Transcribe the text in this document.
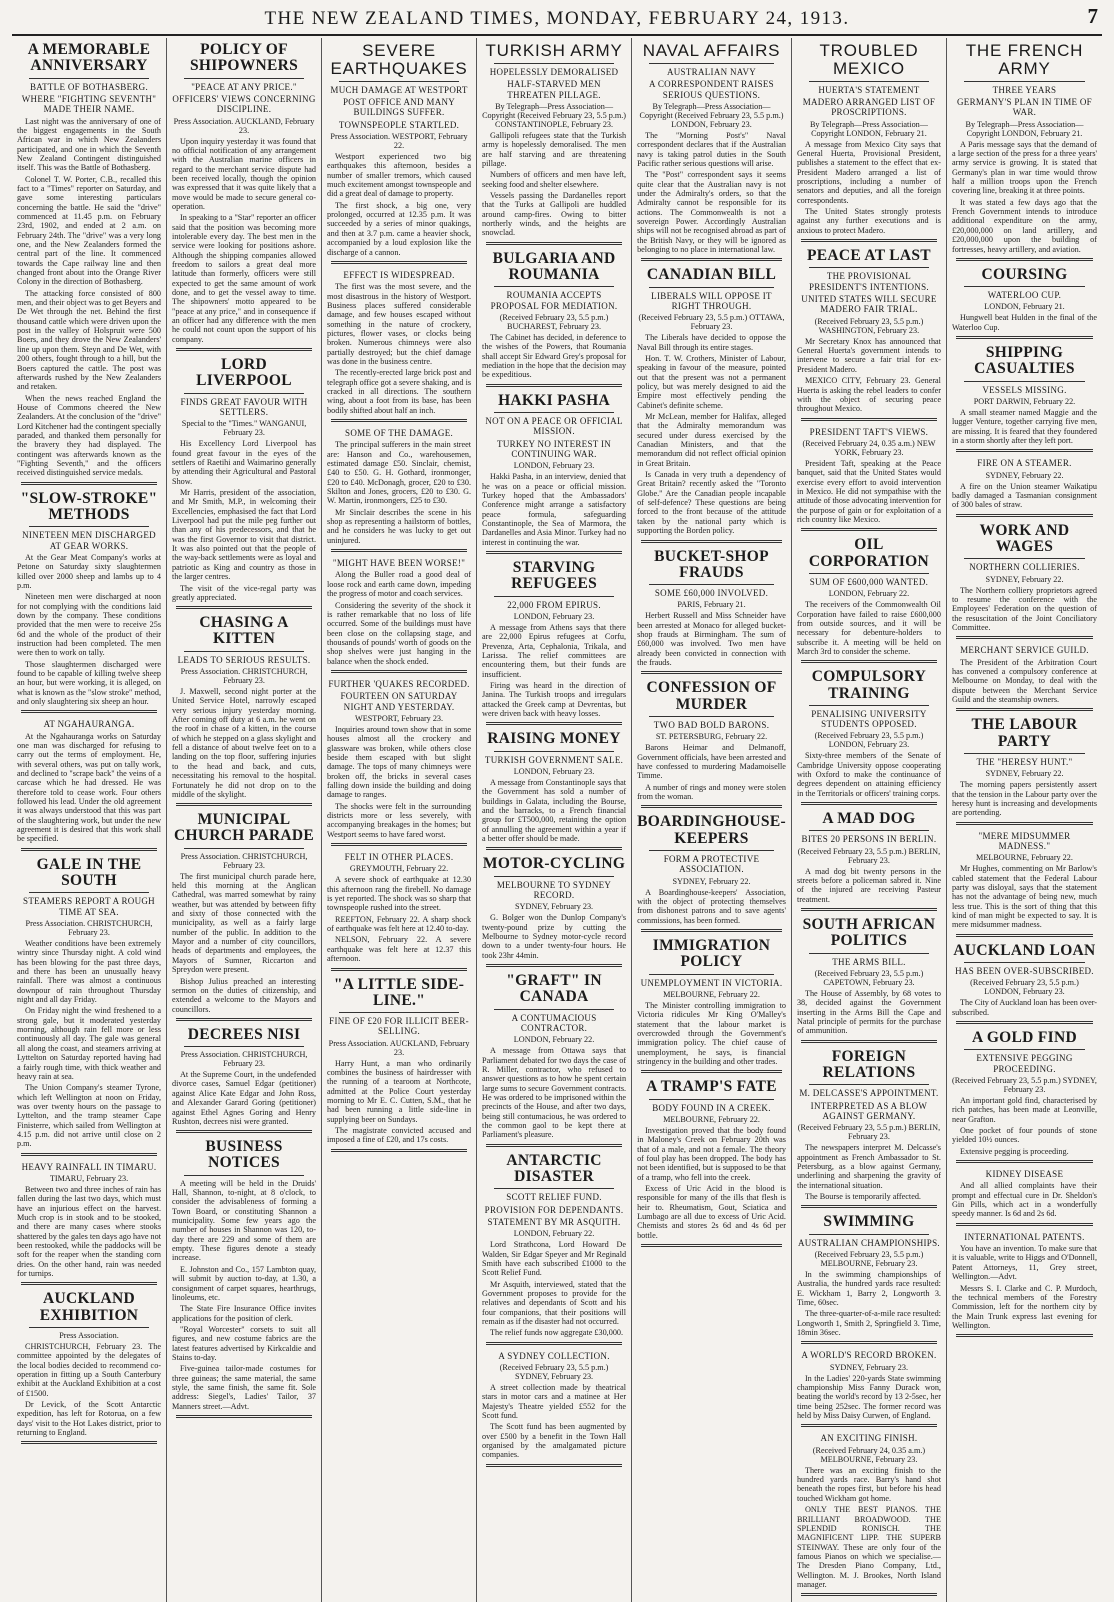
THE NEW ZEALAND TIMES, MONDAY, FEBRUARY 24, 1913.	7
A MEMORABLE ANNIVERSARY
BATTLE OF BOTHASBERG.
WHERE "FIGHTING SEVENTH" MADE THEIR NAME.

Last night was the anniversary of one of the biggest engagements in the South African war in which New Zealanders participated, and one in which the Seventh New Zealand Contingent distinguished itself. This was the Battle of Bothasberg.

Colonel T. W. Porter, C.B., recalled this fact to a "Times" reporter on Saturday, and gave some interesting particulars concerning the battle. He said the "drive" commenced at 11.45 p.m. on February 23rd, 1902, and ended at 2 a.m. on February 24th. The "drive" was a very long one, and the New Zealanders formed the central part of the line. It commenced towards the Cape railway line and then changed front about into the Orange River Colony in the direction of Bothasberg.

The attacking force consisted of 800 men, and their object was to get Beyers and De Wet through the net. Behind the first thousand cattle which were driven upon the post in the valley of Holspruit were 500 Boers, and they drove the New Zealanders' line up upon them. Steyn and De Wet, with 200 others, fought through to a hill, but the Boers captured the cattle. The post was afterwards rushed by the New Zealanders and retaken.

When the news reached England the House of Commons cheered the New Zealanders. At the conclusion of the "drive" Lord Kitchener had the contingent specially paraded, and thanked them personally for the bravery they had displayed. The contingent was afterwards known as the "Fighting Seventh," and the officers received distinguished service medals.

"SLOW-STROKE" METHODS
NINETEEN MEN DISCHARGED AT GEAR WORKS.

At the Gear Meat Company's works at Petone on Saturday sixty slaughtermen killed over 2000 sheep and lambs up to 4 p.m.

Nineteen men were discharged at noon for not complying with the conditions laid down by the company. These conditions provided that the men were to receive 25s 6d and the whole of the product of their instruction had been completed. The men were then to work on tally.

Those slaughtermen discharged were found to be capable of killing twelve sheep an hour, but were working, it is alleged, on what is known as the "slow stroke" method, and only slaughtering six sheep an hour.

AT NGAHAURANGA.

At the Ngahauranga works on Saturday one man was discharged for refusing to carry out the terms of employment. He, with several others, was put on tally work, and declined to "scrape back" the veins of a carcase which he had dressed. He was therefore told to cease work. Four others followed his lead. Under the old agreement it was always understood that this was part of the slaughtering work, but under the new agreement it is desired that this work shall be specified.

GALE IN THE SOUTH
STEAMERS REPORT A ROUGH TIME AT SEA.
Press Association. CHRISTCHURCH, February 23.

Weather conditions have been extremely wintry since Thursday night. A cold wind has been blowing for the past three days, and there has been an unusually heavy rainfall. There was almost a continuous downpour of rain throughout Thursday night and all day Friday.

On Friday night the wind freshened to a strong gale, but it moderated yesterday morning, although rain fell more or less continuously all day. The gale was general all along the coast, and steamers arriving at Lyttelton on Saturday reported having had a fairly rough time, with thick weather and heavy rain at sea.

The Union Company's steamer Tyrone, which left Wellington at noon on Friday, was over twenty hours on the passage to Lyttelton, and the tramp steamer Cape Finisterre, which sailed from Wellington at 4.15 p.m. did not arrive until close on 2 p.m.

HEAVY RAINFALL IN TIMARU.
TIMARU, February 23.

Between two and three inches of rain has fallen during the last two days, which must have an injurious effect on the harvest. Much crop is in stook and to be stooked, and there are many cases where stooks shattered by the gales ten days ago have not been restooked, while the paddocks will be soft for the reaper when the standing corn dries. On the other hand, rain was needed for turnips.

AUCKLAND EXHIBITION
Press Association.

CHRISTCHURCH, February 23. The committee appointed by the delegates of the local bodies decided to recommend co-operation in fitting up a South Canterbury exhibit at the Auckland Exhibition at a cost of £1500.

Dr Levick, of the Scott Antarctic expedition, has left for Rotorua, on a few days' visit to the Hot Lakes district, prior to returning to England.

POLICY OF SHIPOWNERS
"PEACE AT ANY PRICE."
OFFICERS' VIEWS CONCERNING DISCIPLINE.
Press Association. AUCKLAND, February 23.

Upon inquiry yesterday it was found that no official notification of any arrangement with the Australian marine officers in regard to the merchant service dispute had been received locally, though the opinion was expressed that it was quite likely that a move would be made to secure general co-operation.

In speaking to a "Star" reporter an officer said that the position was becoming more intolerable every day. The best men in the service were looking for positions ashore. Although the shipping companies allowed freedom to sailors a great deal more latitude than formerly, officers were still expected to get the same amount of work done, and to get the vessel away to time. The shipowners' motto appeared to be "peace at any price," and in consequence if an officer had any difference with the men he could not count upon the support of his company.

LORD LIVERPOOL
FINDS GREAT FAVOUR WITH SETTLERS.
Special to the "Times." WANGANUI, February 23.

His Excellency Lord Liverpool has found great favour in the eyes of the settlers of Raetihi and Waimarino generally by attending their Agricultural and Pastoral Show.

Mr Harris, president of the association, and Mr Smith, M.P., in welcoming their Excellencies, emphasised the fact that Lord Liverpool had put the mile peg further out than any of his predecessors, and that he was the first Governor to visit that district. It was also pointed out that the people of the way-back settlements were as loyal and patriotic as King and country as those in the larger centres.

The visit of the vice-regal party was greatly appreciated.

CHASING A KITTEN
LEADS TO SERIOUS RESULTS.
Press Association. CHRISTCHURCH, February 23.

J. Maxwell, second night porter at the United Service Hotel, narrowly escaped very serious injury yesterday morning. After coming off duty at 6 a.m. he went on the roof in chase of a kitten, in the course of which he stepped on a glass skylight and fell a distance of about twelve feet on to a landing on the top floor, suffering injuries to the head and back, and cuts, necessitating his removal to the hospital. Fortunately he did not drop on to the middle of the skylight.

MUNICIPAL CHURCH PARADE
Press Association. CHRISTCHURCH, February 23.

The first municipal church parade here, held this morning at the Anglican Cathedral, was marred somewhat by rainy weather, but was attended by between fifty and sixty of those connected with the municipality, as well as a fairly large number of the public. In addition to the Mayor and a number of city councillors, heads of departments and employees, the Mayors of Sumner, Riccarton and Spreydon were present.

Bishop Julius preached an interesting sermon on the duties of citizenship, and extended a welcome to the Mayors and councillors.

DECREES NISI
Press Association. CHRISTCHURCH, February 23.

At the Supreme Court, in the undefended divorce cases, Samuel Edgar (petitioner) against Alice Kate Edgar and John Ross, and Alexander Garard Goring (petitioner) against Ethel Agnes Goring and Henry Rushton, decrees nisi were granted.

BUSINESS NOTICES

A meeting will be held in the Druids' Hall, Shannon, to-night, at 8 o'clock, to consider the advisableness of forming a Town Board, or constituting Shannon a municipality. Some few years ago the number of houses in Shannon was 120, to-day there are 229 and some of them are empty. These figures denote a steady increase.

E. Johnston and Co., 157 Lambton quay, will submit by auction to-day, at 1.30, a consignment of carpet squares, hearthrugs, linoleums, etc.

The State Fire Insurance Office invites applications for the position of clerk.

"Royal Worcester" corsets to suit all figures, and new costume fabrics are the latest features advertised by Kirkcaldie and Stains to-day.

Five-guinea tailor-made costumes for three guineas; the same material, the same style, the same finish, the same fit. Sole address: Siegel's, Ladies' Tailor, 37 Manners street.—Advt.

SEVERE EARTHQUAKES
MUCH DAMAGE AT WESTPORT
POST OFFICE AND MANY BUILDINGS SUFFER.
TOWNSPEOPLE STARTLED.
Press Association. WESTPORT, February 22.

Westport experienced two big earthquakes this afternoon, besides a number of smaller tremors, which caused much excitement amongst townspeople and did a great deal of damage to property.

The first shock, a big one, very prolonged, occurred at 12.35 p.m. It was succeeded by a series of minor quakings, and then at 3.7 p.m. came a heavier shock, accompanied by a loud explosion like the discharge of a cannon.

EFFECT IS WIDESPREAD.

The first was the most severe, and the most disastrous in the history of Westport. Business places suffered considerable damage, and few houses escaped without something in the nature of crockery, pictures, flower vases, or clocks being broken. Numerous chimneys were also partially destroyed; but the chief damage was done in the business centre.

The recently-erected large brick post and telegraph office got a severe shaking, and is cracked in all directions. The southern wing, about a foot from its base, has been bodily shifted about half an inch.

SOME OF THE DAMAGE.

The principal sufferers in the main street are: Hanson and Co., warehousemen, estimated damage £50. Sinclair, chemist, £40 to £50. G. H. Gothard, ironmonger, £20 to £40. McDonagh, grocer, £20 to £30. Skilton and Jones, grocers, £20 to £30. G. W. Martin, ironmongers, £25 to £30.

Mr Sinclair describes the scene in his shop as representing a hailstorm of bottles, and he considers he was lucky to get out uninjured.

"MIGHT HAVE BEEN WORSE!"

Along the Buller road a good deal of loose rock and earth came down, impeding the progress of motor and coach services.

Considering the severity of the shock it is rather remarkable that no loss of life occurred. Some of the buildings must have been close on the collapsing stage, and thousands of pounds' worth of goods on the shop shelves were just hanging in the balance when the shock ended.

FURTHER 'QUAKES RECORDED.
FOURTEEN ON SATURDAY NIGHT AND YESTERDAY.
WESTPORT, February 23.

Inquiries around town show that in some houses almost all the crockery and glassware was broken, while others close beside them escaped with but slight damage. The tops of many chimneys were broken off, the bricks in several cases falling down inside the building and doing damage to ranges.

The shocks were felt in the surrounding districts more or less severely, with accompanying breakages in the homes; but Westport seems to have fared worst.

FELT IN OTHER PLACES.
GREYMOUTH, February 22.

A severe shock of earthquake at 12.30 this afternoon rang the firebell. No damage is yet reported. The shock was so sharp that townspeople rushed into the street.

REEFTON, February 22. A sharp shock of earthquake was felt here at 12.40 to-day.

NELSON, February 22. A severe earthquake was felt here at 12.37 this afternoon.

"A LITTLE SIDE-LINE."
FINE OF £20 FOR ILLICIT BEER-SELLING.
Press Association. AUCKLAND, February 23.

Harry Hunt, a man who ordinarily combines the business of hairdresser with the running of a tearoom at Northcote, admitted at the Police Court yesterday morning to Mr E. C. Cutten, S.M., that he had been running a little side-line in supplying beer on Sundays.

The magistrate convicted accused and imposed a fine of £20, and 17s costs.

TURKISH ARMY
HOPELESSLY DEMORALISED
HALF-STARVED MEN THREATEN PILLAGE.
By Telegraph—Press Association—Copyright (Received February 23, 5.5 p.m.) CONSTANTINOPLE, February 23.

Gallipoli refugees state that the Turkish army is hopelessly demoralised. The men are half starving and are threatening pillage.

Numbers of officers and men have left, seeking food and shelter elsewhere.

Vessels passing the Dardanelles report that the Turks at Gallipoli are huddled around camp-fires. Owing to bitter northerly winds, and the heights are snowclad.

BULGARIA AND ROUMANIA
ROUMANIA ACCEPTS PROPOSAL FOR MEDIATION.
(Received February 23, 5.5 p.m.) BUCHAREST, February 23.

The Cabinet has decided, in deference to the wishes of the Powers, that Roumania shall accept Sir Edward Grey's proposal for mediation in the hope that the decision may be expeditious.

HAKKI PASHA
NOT ON A PEACE OR OFFICIAL MISSION.
TURKEY NO INTEREST IN CONTINUING WAR.
LONDON, February 23.

Hakki Pasha, in an interview, denied that he was on a peace or official mission. Turkey hoped that the Ambassadors' Conference might arrange a satisfactory peace formula, safeguarding Constantinople, the Sea of Marmora, the Dardanelles and Asia Minor. Turkey had no interest in continuing the war.

STARVING REFUGEES
22,000 FROM EPIRUS.
LONDON, February 23.

A message from Athens says that there are 22,000 Epirus refugees at Corfu, Prevenza, Arta, Cephalonia, Trikala, and Larissa. The relief committees are encountering them, but their funds are insufficient.

Firing was heard in the direction of Janina. The Turkish troops and irregulars attacked the Greek camp at Devrentas, but were driven back with heavy losses.

RAISING MONEY
TURKISH GOVERNMENT SALE.
LONDON, February 23.

A message from Constantinople says that the Government has sold a number of buildings in Galata, including the Bourse, and the barracks, to a French financial group for £T500,000, retaining the option of annulling the agreement within a year if a better offer should be made.

MOTOR-CYCLING
MELBOURNE TO SYDNEY RECORD.
SYDNEY, February 23.

G. Bolger won the Dunlop Company's twenty-pound prize by cutting the Melbourne to Sydney motor-cycle record down to a under twenty-four hours. He took 23hr 44min.

"GRAFT" IN CANADA
A CONTUMACIOUS CONTRACTOR.
LONDON, February 22.

A message from Ottawa says that Parliament debated for two days the case of R. Miller, contractor, who refused to answer questions as to how he spent certain large sums to secure Government contracts. He was ordered to be imprisoned within the precincts of the House, and after two days, being still contumacious, he was ordered to the common gaol to be kept there at Parliament's pleasure.

ANTARCTIC DISASTER
SCOTT RELIEF FUND.
PROVISION FOR DEPENDANTS.
STATEMENT BY MR ASQUITH.
LONDON, February 22.

Lord Strathcona, Lord Howard De Walden, Sir Edgar Speyer and Mr Reginald Smith have each subscribed £1000 to the Scott Relief Fund.

Mr Asquith, interviewed, stated that the Government proposes to provide for the relatives and dependants of Scott and his four companions, that their positions will remain as if the disaster had not occurred.

The relief funds now aggregate £30,000.

A SYDNEY COLLECTION.
(Received February 23, 5.5 p.m.) SYDNEY, February 23.

A street collection made by theatrical stars in motor cars and a matinee at Her Majesty's Theatre yielded £552 for the Scott fund.

The Scott fund has been augmented by over £500 by a benefit in the Town Hall organised by the amalgamated picture companies.

NAVAL AFFAIRS
AUSTRALIAN NAVY
A CORRESPONDENT RAISES SERIOUS QUESTIONS.
By Telegraph—Press Association—Copyright (Received February 23, 5.5 p.m.) LONDON, February 23.

The "Morning Post's" Naval correspondent declares that if the Australian navy is taking patrol duties in the South Pacific rather serious questions will arise.

The "Post" correspondent says it seems quite clear that the Australian navy is not under the Admiralty's orders, so that the Admiralty cannot be responsible for its actions. The Commonwealth is not a sovereign Power. Accordingly Australian ships will not be recognised abroad as part of the British Navy, or they will be ignored as belonging to no place in international law.

CANADIAN BILL
LIBERALS WILL OPPOSE IT RIGHT THROUGH.
(Received February 23, 5.5 p.m.) OTTAWA, February 23.

The Liberals have decided to oppose the Naval Bill through its entire stages.

Hon. T. W. Crothers, Minister of Labour, speaking in favour of the measure, pointed out that the present was not a permanent policy, but was merely designed to aid the Empire most effectively pending the Cabinet's definite scheme.

Mr McLean, member for Halifax, alleged that the Admiralty memorandum was secured under duress exercised by the Canadian Ministers, and that the memorandum did not reflect official opinion in Great Britain.

Is Canada in very truth a dependency of Great Britain? recently asked the "Toronto Globe." Are the Canadian people incapable of self-defence? These questions are being forced to the front because of the attitude taken by the national party which is supporting the Borden policy.

BUCKET-SHOP FRAUDS
SOME £60,000 INVOLVED.
PARIS, February 21.

Herbert Russell and Miss Schneider have been arrested at Monaco for alleged bucket-shop frauds at Birmingham. The sum of £60,000 was involved. Two men have already been convicted in connection with the frauds.

CONFESSION OF MURDER
TWO BAD BOLD BARONS.
ST. PETERSBURG, February 22.

Barons Heimar and Delmanoff, Government officials, have been arrested and have confessed to murdering Madamoiselle Timme.

A number of rings and money were stolen from the woman.

BOARDINGHOUSE-KEEPERS
FORM A PROTECTIVE ASSOCIATION.
SYDNEY, February 22.

A Boardinghouse-keepers' Association, with the object of protecting themselves from dishonest patrons and to save agents' commissions, has been formed.

IMMIGRATION POLICY
UNEMPLOYMENT IN VICTORIA.
MELBOURNE, February 22.

The Minister controlling immigration to Victoria ridicules Mr King O'Malley's statement that the labour market is overcrowded through the Government's immigration policy. The chief cause of unemployment, he says, is financial stringency in the building and other trades.

A TRAMP'S FATE
BODY FOUND IN A CREEK.
MELBOURNE, February 22.

Investigation proved that the body found in Maloney's Creek on February 20th was that of a male, and not a female. The theory of foul play has been dropped. The body has not been identified, but is supposed to be that of a tramp, who fell into the creek.

Excess of Uric Acid in the blood is responsible for many of the ills that flesh is heir to. Rheumatism, Gout, Sciatica and Lumbago are all due to excess of Uric Acid. Chemists and stores 2s 6d and 4s 6d per bottle.

TROUBLED MEXICO
HUERTA'S STATEMENT
MADERO ARRANGED LIST OF PROSCRIPTIONS.
By Telegraph—Press Association—Copyright LONDON, February 21.

A message from Mexico City says that General Huerta, Provisional President, publishes a statement to the effect that ex-President Madero arranged a list of proscriptions, including a number of senators and deputies, and all the foreign correspondents.

The United States strongly protests against any further executions and is anxious to protect Madero.

PEACE AT LAST
THE PROVISIONAL PRESIDENT'S INTENTIONS.
UNITED STATES WILL SECURE MADERO FAIR TRIAL.
(Received February 23, 5.5 p.m.) WASHINGTON, February 23.

Mr Secretary Knox has announced that General Huerta's government intends to intervene to secure a fair trial for ex-President Madero.

MEXICO CITY, February 23. General Huerta is asking the rebel leaders to confer with the object of securing peace throughout Mexico.

PRESIDENT TAFT'S VIEWS.
(Received February 24, 0.35 a.m.) NEW YORK, February 23.

President Taft, speaking at the Peace banquet, said that the United States would exercise every effort to avoid intervention in Mexico. He did not sympathise with the attitude of those advocating intervention for the purpose of gain or for exploitation of a rich country like Mexico.

OIL CORPORATION
SUM OF £600,000 WANTED.
LONDON, February 22.

The receivers of the Commonwealth Oil Corporation have failed to raise £600,000 from outside sources, and it will be necessary for debenture-holders to subscribe it. A meeting will be held on March 3rd to consider the scheme.

COMPULSORY TRAINING
PENALISING UNIVERSITY STUDENTS OPPOSED.
(Received February 23, 5.5 p.m.) LONDON, February 23.

Sixty-three members of the Senate of Cambridge University oppose cooperating with Oxford to make the continuance of degrees dependent on attaining efficiency in the Territorials or officers' training corps.

A MAD DOG
BITES 20 PERSONS IN BERLIN.
(Received February 23, 5.5 p.m.) BERLIN, February 23.

A mad dog bit twenty persons in the streets before a policeman sabred it. Nine of the injured are receiving Pasteur treatment.

SOUTH AFRICAN POLITICS
THE ARMS BILL.
(Received February 23, 5.5 p.m.) CAPETOWN, February 23.

The House of Assembly, by 68 votes to 38, decided against the Government inserting in the Arms Bill the Cape and Natal principle of permits for the purchase of ammunition.

FOREIGN RELATIONS
M. DELCASSE'S APPOINTMENT.
INTERPRETED AS A BLOW AGAINST GERMANY.
(Received February 23, 5.5 p.m.) BERLIN, February 23.

The newspapers interpret M. Delcasse's appointment as French Ambassador to St. Petersburg, as a blow against Germany, underlining and sharpening the gravity of the international situation.

The Bourse is temporarily affected.

SWIMMING
AUSTRALIAN CHAMPIONSHIPS.
(Received February 23, 5.5 p.m.) MELBOURNE, February 23.

In the swimming championships of Australia, the hundred yards race resulted: E. Wickham 1, Barry 2, Longworth 3. Time, 60sec.

The three-quarter-of-a-mile race resulted: Longworth 1, Smith 2, Springfield 3. Time, 18min 36sec.

A WORLD'S RECORD BROKEN.
SYDNEY, February 23.

In the Ladies' 220-yards State swimming championship Miss Fanny Durack won, beating the world's record by 13 2-5sec, her time being 252sec. The former record was held by Miss Daisy Curwen, of England.

AN EXCITING FINISH.
(Received February 24, 0.35 a.m.) MELBOURNE, February 23.

There was an exciting finish to the hundred yards race. Barry's hand shot beneath the ropes first, but before his head touched Wickham got home.

ONLY THE BEST PIANOS. THE BRILLIANT BROADWOOD. THE SPLENDID RONISCH. THE MAGNIFICENT LIPP. THE SUPERB STEINWAY. These are only four of the famous Pianos on which we specialise.—The Dresden Piano Company, Ltd., Wellington. M. J. Brookes, North Island manager.

THE FRENCH ARMY
THREE YEARS
GERMANY'S PLAN IN TIME OF WAR.
By Telegraph—Press Association—Copyright LONDON, February 21.

A Paris message says that the demand of a large section of the press for a three years' army service is growing. It is stated that Germany's plan in war time would throw half a million troops upon the French covering line, breaking it at three points.

It was stated a few days ago that the French Government intends to introduce additional expenditure on the army, £20,000,000 on land artillery, and £20,000,000 upon the building of fortresses, heavy artillery, and aviation.

COURSING
WATERLOO CUP.
LONDON, February 21.

Hungwell beat Hulden in the final of the Waterloo Cup.

SHIPPING CASUALTIES
VESSELS MISSING.
PORT DARWIN, February 22.

A small steamer named Maggie and the lugger Venture, together carrying five men, are missing. It is feared that they foundered in a storm shortly after they left port.

FIRE ON A STEAMER.
SYDNEY, February 22.

A fire on the Union steamer Waikatipu badly damaged a Tasmanian consignment of 300 bales of straw.

WORK AND WAGES
NORTHERN COLLIERIES.
SYDNEY, February 22.

The Northern colliery proprietors agreed to resume the conference with the Employees' Federation on the question of the resuscitation of the Joint Conciliatory Committee.

MERCHANT SERVICE GUILD.

The President of the Arbitration Court has convened a compulsory conference at Melbourne on Monday, to deal with the dispute between the Merchant Service Guild and the steamship owners.

THE LABOUR PARTY
THE "HERESY HUNT."
SYDNEY, February 22.

The morning papers persistently assert that the tension in the Labour party over the heresy hunt is increasing and developments are portending.

"MERE MIDSUMMER MADNESS."
MELBOURNE, February 22.

Mr Hughes, commenting on Mr Barlow's cabled statement that the Federal Labour party was disloyal, says that the statement has not the advantage of being new, much less true. This is the sort of thing that this kind of man might be expected to say. It is mere midsummer madness.

AUCKLAND LOAN
HAS BEEN OVER-SUBSCRIBED.
(Received February 23, 5.5 p.m.) LONDON, February 23.

The City of Auckland loan has been over-subscribed.

A GOLD FIND
EXTENSIVE PEGGING PROCEEDING.
(Received February 23, 5.5 p.m.) SYDNEY, February 23.

An important gold find, characterised by rich patches, has been made at Leonville, near Grafton.

One pocket of four pounds of stone yielded 10½ ounces.

Extensive pegging is proceeding.

KIDNEY DISEASE

And all allied complaints have their prompt and effectual cure in Dr. Sheldon's Gin Pills, which act in a wonderfully speedy manner. Is 6d and 2s 6d.

INTERNATIONAL PATENTS.

You have an invention. To make sure that it is valuable, write to Higgs and O'Donnell, Patent Attorneys, 11, Grey street, Wellington.—Advt.

Messrs S. I. Clarke and C. P. Murdoch, the technical members of the Forestry Commission, left for the northern city by the Main Trunk express last evening for Wellington.
